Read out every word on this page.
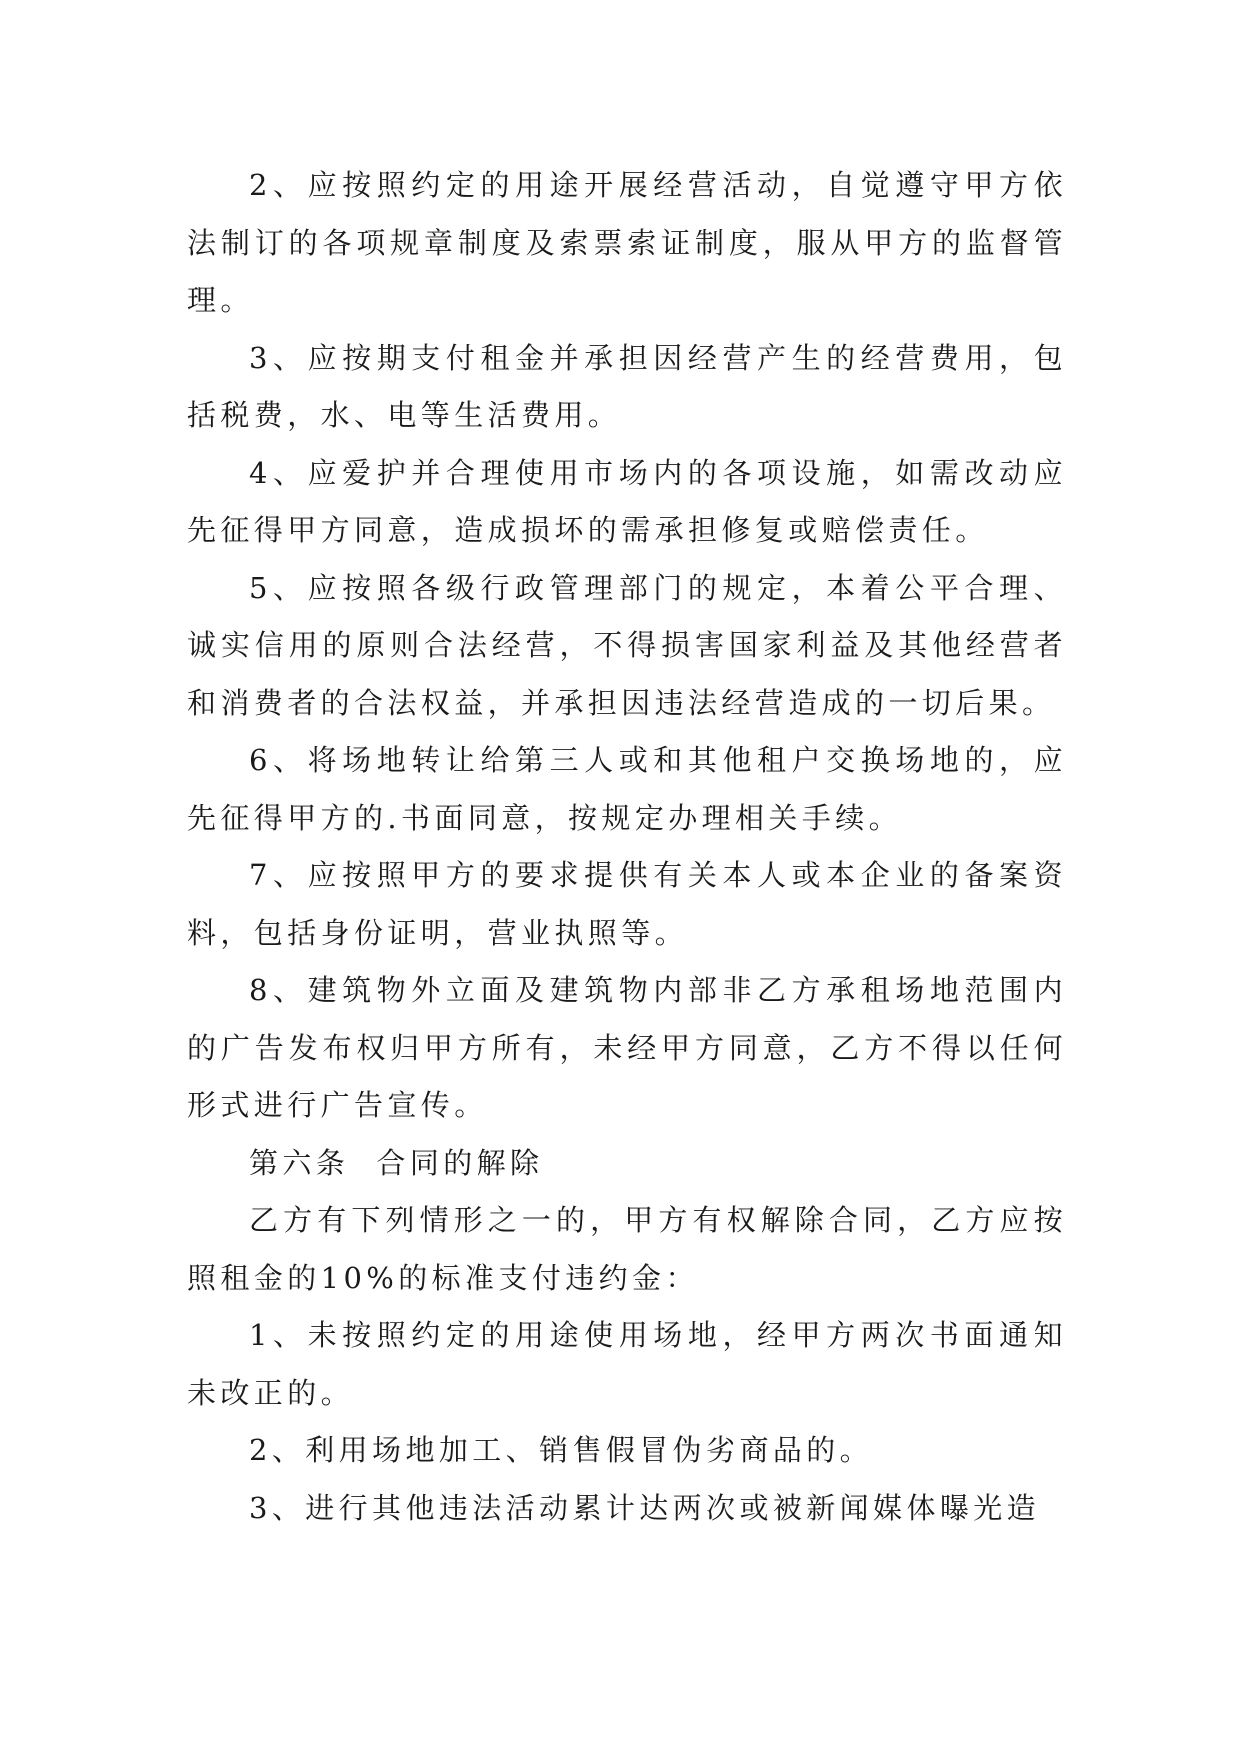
2、应按照约定的用途开展经营活动，自觉遵守甲方依法制订的各项规章制度及索票索证制度，服从甲方的监督管理。

3、应按期支付租金并承担因经营产生的经营费用，包括税费，水、电等生活费用。

4、应爱护并合理使用市场内的各项设施，如需改动应先征得甲方同意，造成损坏的需承担修复或赔偿责任。

5、应按照各级行政管理部门的规定，本着公平合理、诚实信用的原则合法经营，不得损害国家利益及其他经营者和消费者的合法权益，并承担因违法经营造成的一切后果。

6、将场地转让给第三人或和其他租户交换场地的，应先征得甲方的.书面同意，按规定办理相关手续。

7、应按照甲方的要求提供有关本人或本企业的备案资料，包括身份证明，营业执照等。

8、建筑物外立面及建筑物内部非乙方承租场地范围内的广告发布权归甲方所有，未经甲方同意，乙方不得以任何形式进行广告宣传。

第六条  合同的解除

乙方有下列情形之一的，甲方有权解除合同，乙方应按照租金的10%的标准支付违约金：

1、未按照约定的用途使用场地，经甲方两次书面通知未改正的。

2、利用场地加工、销售假冒伪劣商品的。

3、进行其他违法活动累计达两次或被新闻媒体曝光造
